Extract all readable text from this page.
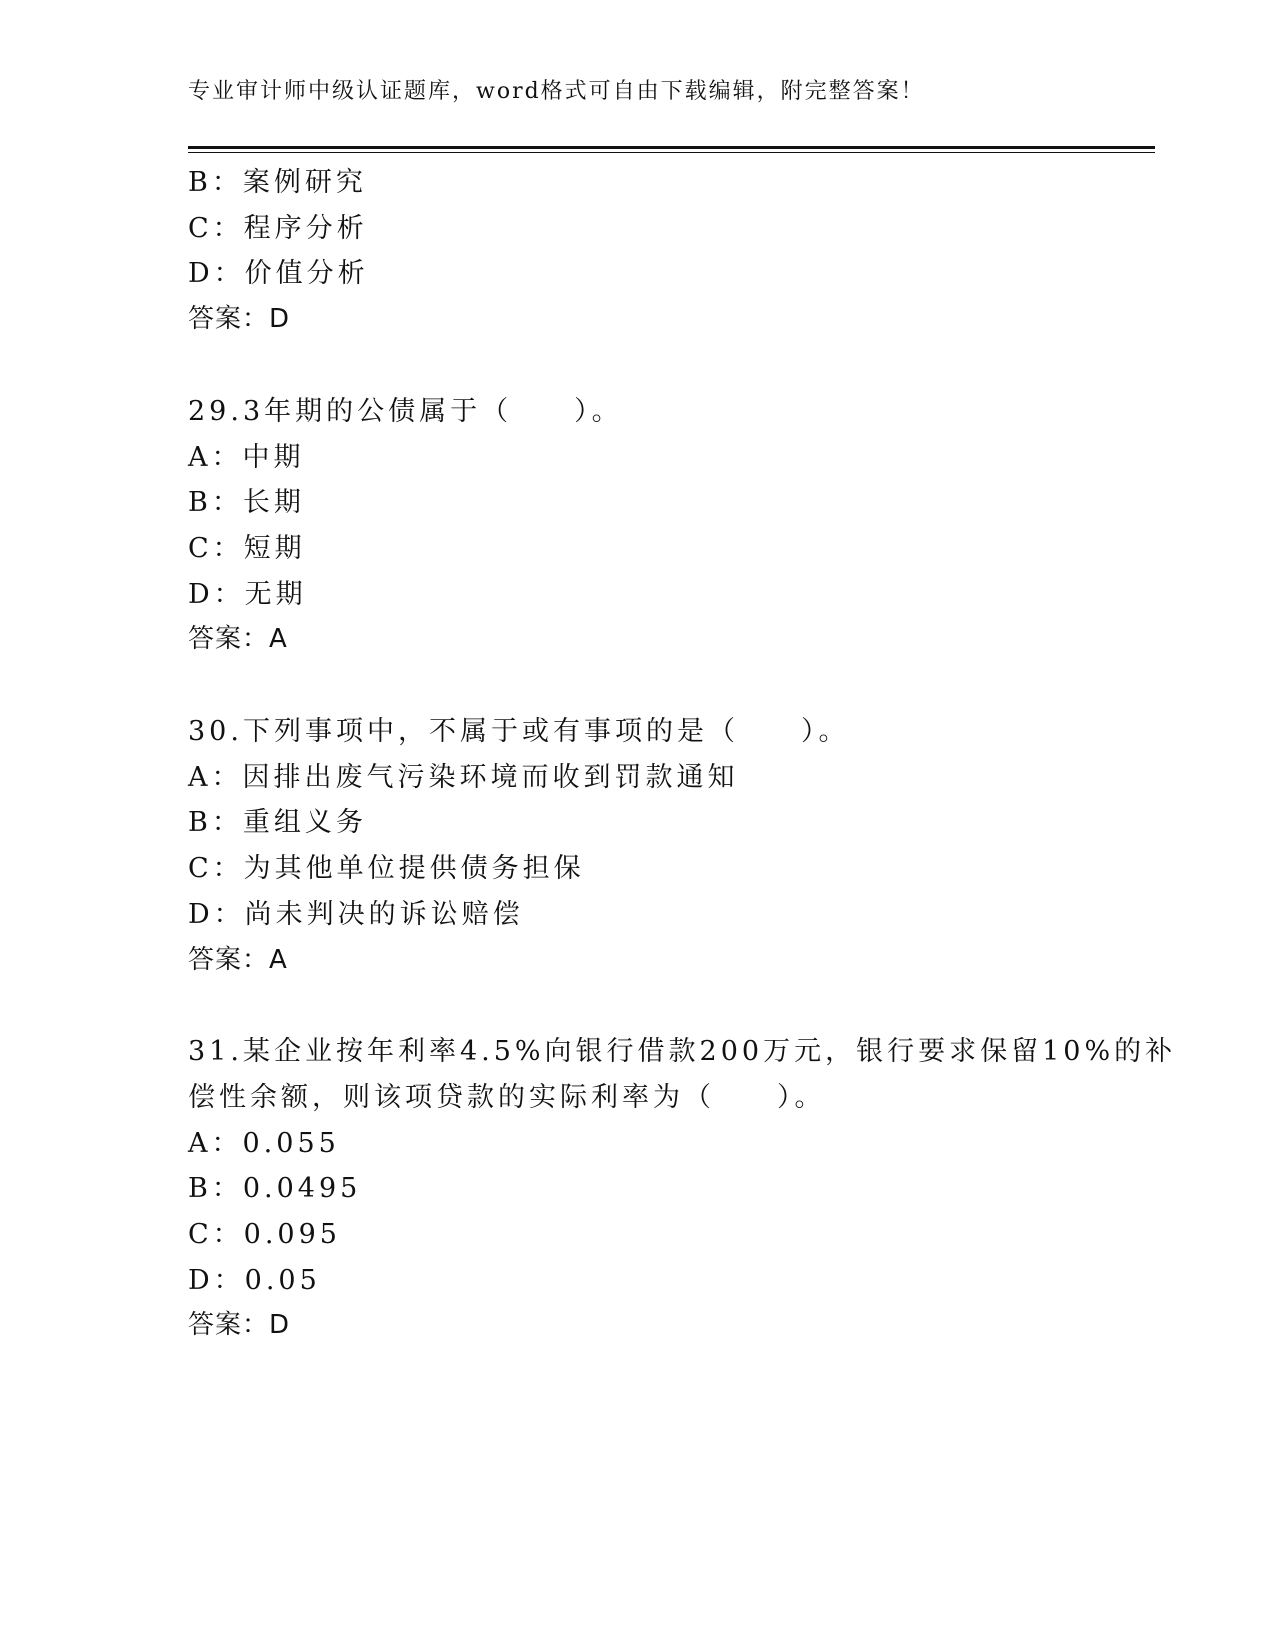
专业审计师中级认证题库，word格式可自由下载编辑，附完整答案！
B：案例研究
C：程序分析
D：价值分析
答案：D
29.3年期的公债属于（　　）。
A：中期
B：长期
C：短期
D：无期
答案：A
30.下列事项中，不属于或有事项的是（　　）。
A：因排出废气污染环境而收到罚款通知
B：重组义务
C：为其他单位提供债务担保
D：尚未判决的诉讼赔偿
答案：A
31.某企业按年利率4.5%向银行借款200万元，银行要求保留10%的补
偿性余额，则该项贷款的实际利率为（　　）。
A：0.055
B：0.0495
C：0.095
D：0.05
答案：D
